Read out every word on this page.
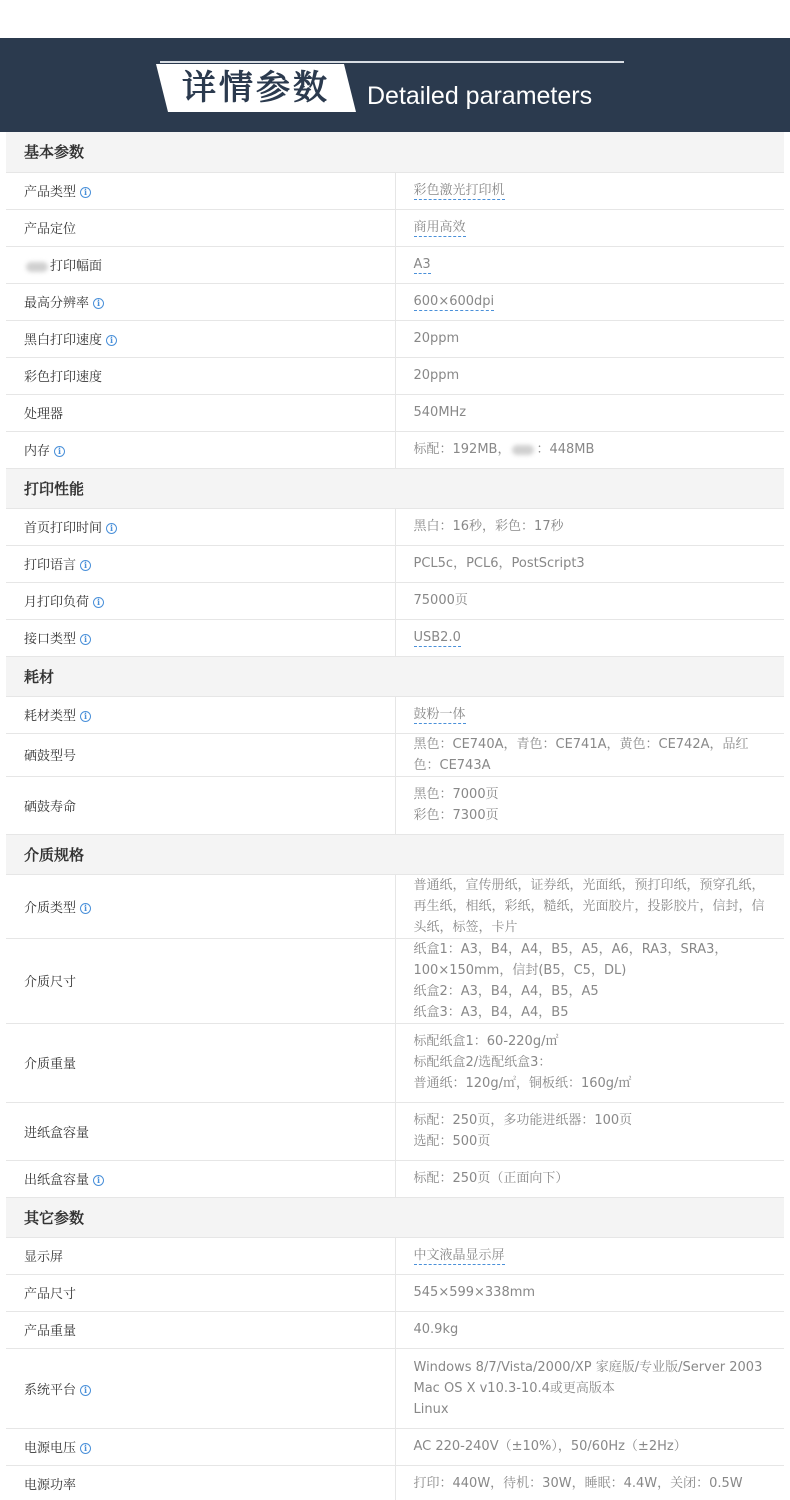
详情参数 Detailed parameters
基本参数	
产品类型 i	彩色激光打印机

产品定位	商用高效

打印幅面	A3

最高分辨率 i	600×600dpi

黑白打印速度 i	20ppm

彩色打印速度	20ppm

处理器	540MHz

内存 i	标配：192MB， ：448MB
打印性能	
首页打印时间 i	黑白：16秒，彩色：17秒

打印语言 i	PCL5c，PCL6，PostScript3

月打印负荷 i	75000页

接口类型 i	USB2.0

耗材	
耗材类型 i	鼓粉一体

硒鼓型号	黑色：CE740A，青色：CE741A，黄色：CE742A，品红色：CE743A

硒鼓寿命	黑色：7000页
彩色：7300页

介质规格	
介质类型 i	普通纸，宣传册纸，证券纸，光面纸，预打印纸，预穿孔纸，再生纸，相纸，彩纸，糙纸，光面胶片，投影胶片，信封，信头纸，标签，卡片

介质尺寸	纸盒1：A3，B4，A4，B5，A5，A6，RA3，SRA3，100×150mm，信封(B5，C5，DL)
纸盒2：A3，B4，A4，B5，A5
纸盒3：A3，B4，A4，B5

介质重量	标配纸盒1：60-220g/㎡
标配纸盒2/选配纸盒3：
普通纸：120g/㎡，铜板纸：160g/㎡

进纸盒容量	标配：250页，多功能进纸器：100页
选配：500页

出纸盒容量 i	标配：250页（正面向下）

其它参数	
显示屏	中文液晶显示屏

产品尺寸	545×599×338mm

产品重量	40.9kg

系统平台 i	Windows 8/7/Vista/2000/XP 家庭版/专业版/Server 2003
Mac OS X v10.3-10.4或更高版本
Linux

电源电压 i	AC 220-240V（±10%），50/60Hz（±2Hz）

电源功率	打印：440W，待机：30W，睡眠：4.4W，关闭：0.5W
